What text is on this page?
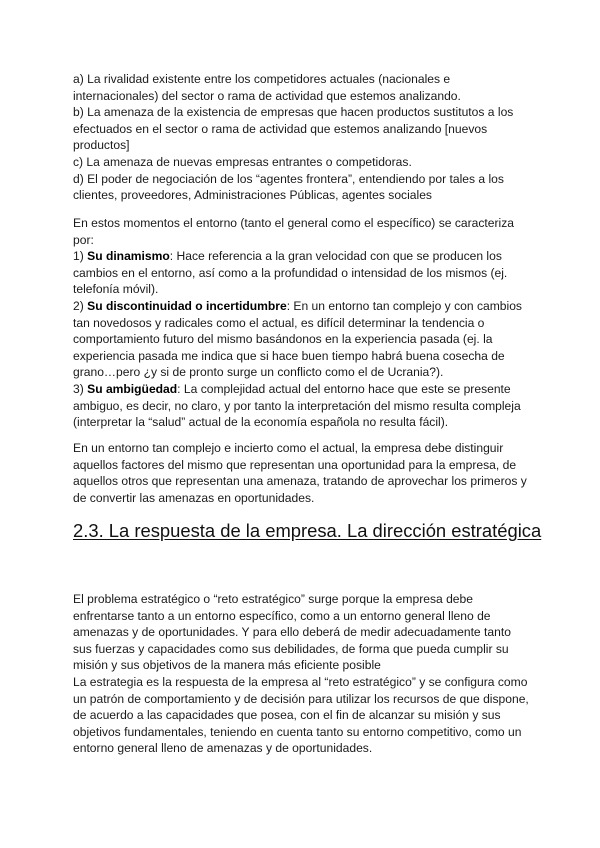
a) La rivalidad existente entre los competidores actuales (nacionales e internacionales) del sector o rama de actividad que estemos analizando.

b) La amenaza de la existencia de empresas que hacen productos sustitutos a los efectuados en el sector o rama de actividad que estemos analizando [nuevos productos]

c) La amenaza de nuevas empresas entrantes o competidoras.

d) El poder de negociación de los “agentes frontera”, entendiendo por tales a los clientes, proveedores, Administraciones Públicas, agentes sociales

En estos momentos el entorno (tanto el general como el específico) se caracteriza por:

1) Su dinamismo: Hace referencia a la gran velocidad con que se producen los cambios en el entorno, así como a la profundidad o intensidad de los mismos (ej. telefonía móvil).

2) Su discontinuidad o incertidumbre: En un entorno tan complejo y con cambios tan novedosos y radicales como el actual, es difícil determinar la tendencia o comportamiento futuro del mismo basándonos en la experiencia pasada (ej. la experiencia pasada me indica que si hace buen tiempo habrá buena cosecha de grano…pero ¿y si de pronto surge un conflicto como el de Ucrania?).

3) Su ambigüedad: La complejidad actual del entorno hace que este se presente ambiguo, es decir, no claro, y por tanto la interpretación del mismo resulta compleja (interpretar la “salud” actual de la economía española no resulta fácil).

En un entorno tan complejo e incierto como el actual, la empresa debe distinguir aquellos factores del mismo que representan una oportunidad para la empresa, de aquellos otros que representan una amenaza, tratando de aprovechar los primeros y de convertir las amenazas en oportunidades.

2.3. La respuesta de la empresa. La dirección estratégica

El problema estratégico o “reto estratégico” surge porque la empresa debe enfrentarse tanto a un entorno específico, como a un entorno general lleno de amenazas y de oportunidades. Y para ello deberá de medir adecuadamente tanto sus fuerzas y capacidades como sus debilidades, de forma que pueda cumplir su misión y sus objetivos de la manera más eficiente posible

La estrategia es la respuesta de la empresa al “reto estratégico” y se configura como un patrón de comportamiento y de decisión para utilizar los recursos de que dispone, de acuerdo a las capacidades que posea, con el fin de alcanzar su misión y sus objetivos fundamentales, teniendo en cuenta tanto su entorno competitivo, como un entorno general lleno de amenazas y de oportunidades.
